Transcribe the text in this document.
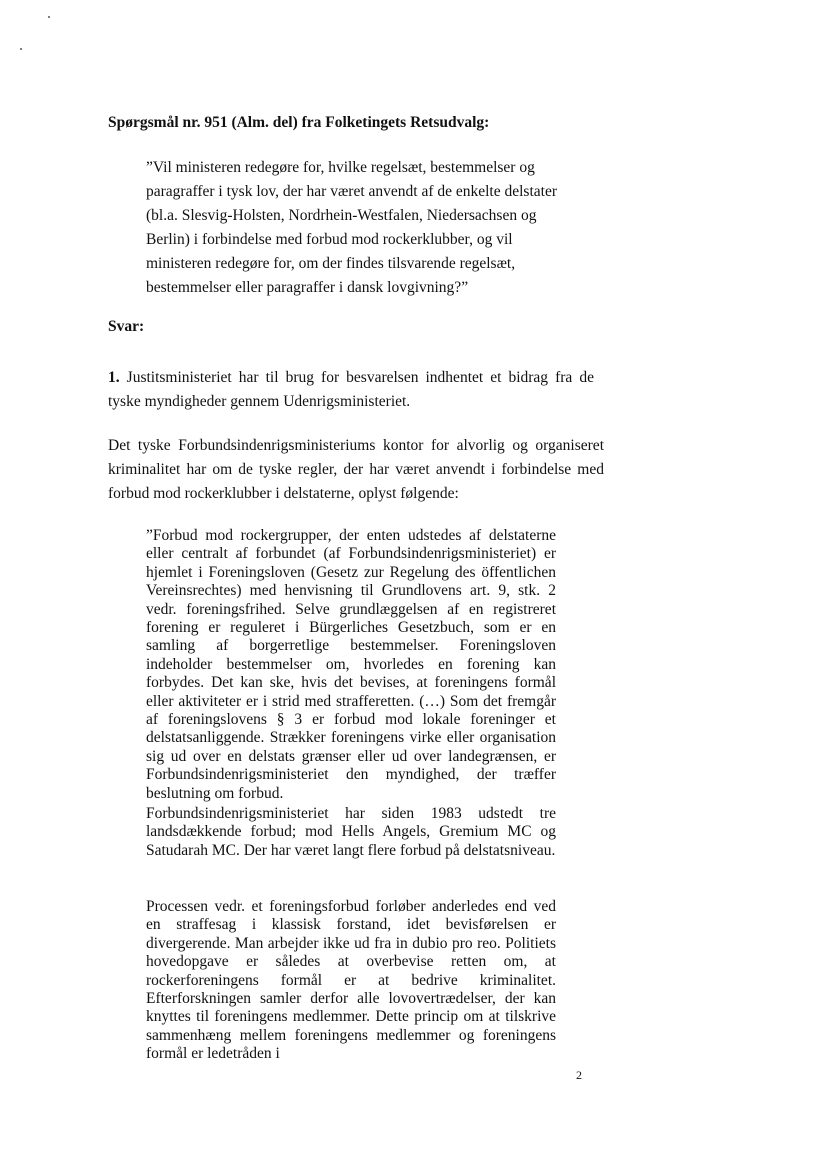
Spørgsmål nr. 951 (Alm. del) fra Folketingets Retsudvalg:

”Vil ministeren redegøre for, hvilke regelsæt, bestemmelser og paragraffer i tysk lov, der har været anvendt af de enkelte delstater (bl.a. Slesvig-Holsten, Nordrhein-Westfalen, Niedersachsen og Berlin) i forbindelse med forbud mod rockerklubber, og vil ministeren redegøre for, om der findes tilsvarende regelsæt, bestemmelser eller paragraffer i dansk lovgivning?”

Svar:

1. Justitsministeriet har til brug for besvarelsen indhentet et bidrag fra de tyske myndigheder gennem Udenrigsministeriet.

Det tyske Forbundsindenrigsministeriums kontor for alvorlig og organiseret kriminalitet har om de tyske regler, der har været anvendt i forbindelse med forbud mod rockerklubber i delstaterne, oplyst følgende:

”Forbud mod rockergrupper, der enten udstedes af delstaterne eller centralt af forbundet (af Forbundsindenrigsministeriet) er hjemlet i Foreningsloven (Gesetz zur Regelung des öffentlichen Vereinsrechtes) med henvisning til Grundlovens art. 9, stk. 2 vedr. foreningsfrihed. Selve grundlæggelsen af en registreret forening er reguleret i Bürgerliches Gesetzbuch, som er en samling af borgerretlige bestemmelser. Foreningsloven indeholder bestemmelser om, hvorledes en forening kan forbydes. Det kan ske, hvis det bevises, at foreningens formål eller aktiviteter er i strid med strafferetten. (…) Som det fremgår af foreningslovens § 3 er forbud mod lokale foreninger et delstatsanliggende. Strækker foreningens virke eller organisation sig ud over en delstats grænser eller ud over landegrænsen, er Forbundsindenrigsministeriet den myndighed, der træffer beslutning om forbud.

Forbundsindenrigsministeriet har siden 1983 udstedt tre landsdækkende forbud; mod Hells Angels, Gremium MC og Satudarah MC. Der har været langt flere forbud på delstatsniveau.

Processen vedr. et foreningsforbud forløber anderledes end ved en straffesag i klassisk forstand, idet bevisførelsen er divergerende. Man arbejder ikke ud fra in dubio pro reo. Politiets hovedopgave er således at overbevise retten om, at rockerforeningens formål er at bedrive kriminalitet. Efterforskningen samler derfor alle lovovertrædelser, der kan knyttes til foreningens medlemmer. Dette princip om at tilskrive sammenhæng mellem foreningens medlemmer og foreningens formål er ledetråden i

2
